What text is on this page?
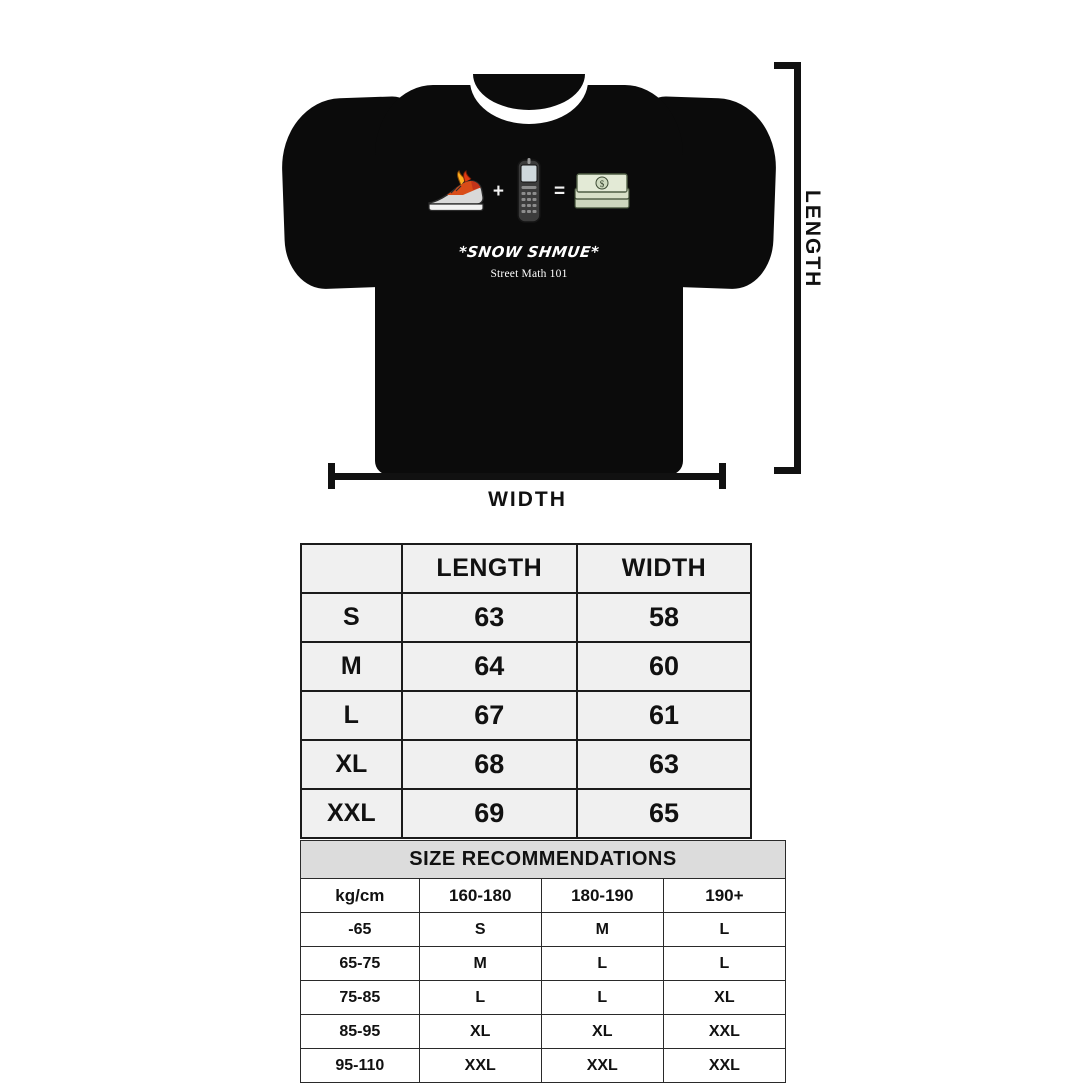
+	=	$
*SNOW SHMUE*
Street Math 101	LENGTH
WIDTH
	LENGTH	WIDTH
S	63	58
M	64	60
L	67	61
XL	68	63
XXL	69	65
SIZE RECOMMENDATIONS			
kg/cm	160-180	180-190	190+
-65	S	M	L
65-75	M	L	L
75-85	L	L	XL
85-95	XL	XL	XXL
95-110	XXL	XXL	XXL
